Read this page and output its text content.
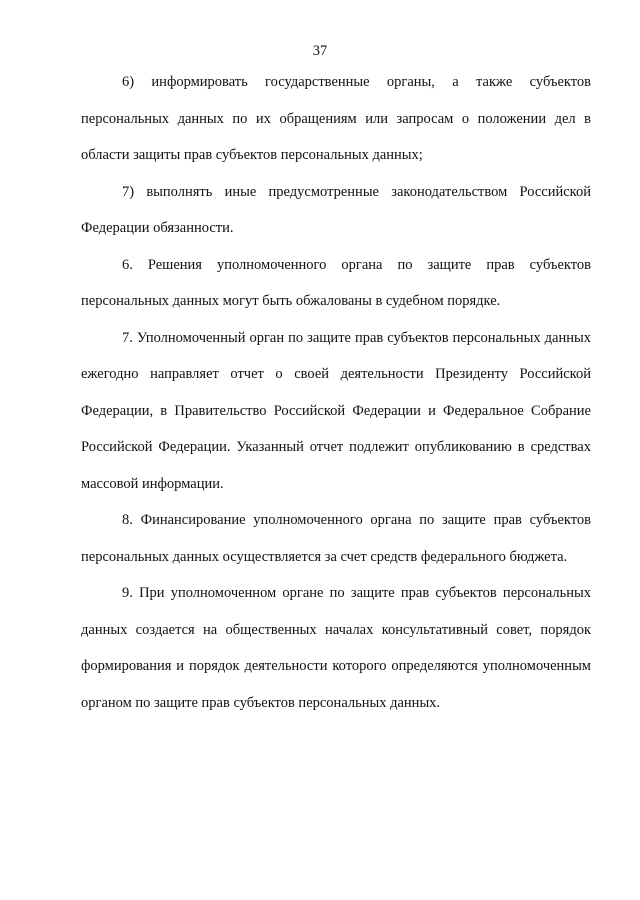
37

6) информировать государственные органы, а также субъектов персональных данных по их обращениям или запросам о положении дел в области защиты прав субъектов персональных данных;

7) выполнять иные предусмотренные законодательством Российской Федерации обязанности.

6. Решения уполномоченного органа по защите прав субъектов персональных данных могут быть обжалованы в судебном порядке.

7. Уполномоченный орган по защите прав субъектов персональных данных ежегодно направляет отчет о своей деятельности Президенту Российской Федерации, в Правительство Российской Федерации и Федеральное Собрание Российской Федерации. Указанный отчет подлежит опубликованию в средствах массовой информации.

8. Финансирование уполномоченного органа по защите прав субъектов персональных данных осуществляется за счет средств федерального бюджета.

9. При уполномоченном органе по защите прав субъектов персональных данных создается на общественных началах консультативный совет, порядок формирования и порядок деятельности которого определяются уполномоченным органом по защите прав субъектов персональных данных.
